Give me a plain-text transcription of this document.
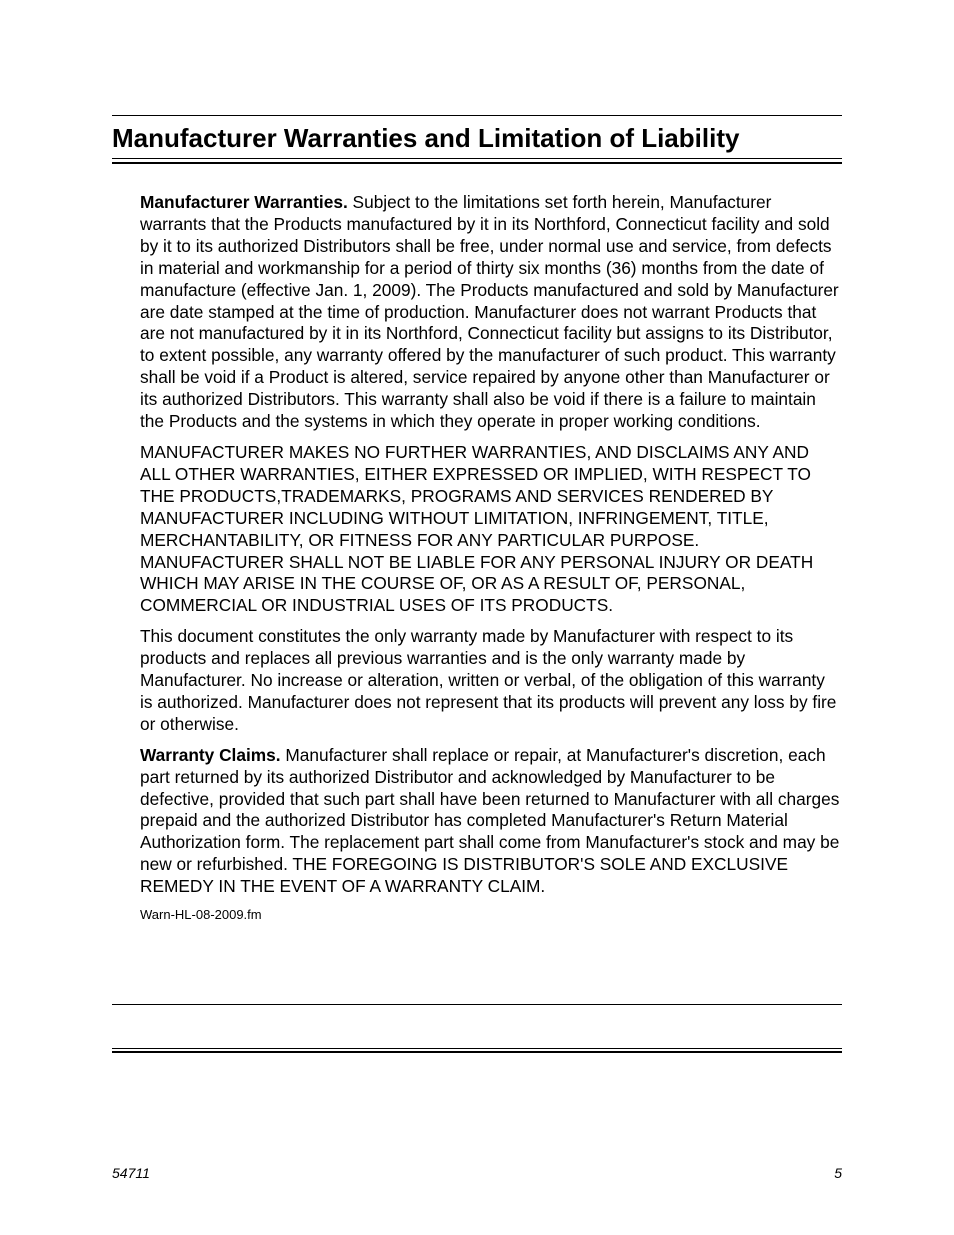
Manufacturer Warranties and Limitation of Liability

Manufacturer Warranties. Subject to the limitations set forth herein, Manufacturer warrants that the Products manufactured by it in its Northford, Connecticut facility and sold by it to its authorized Distributors shall be free, under normal use and service, from defects in material and workmanship for a period of thirty six months (36) months from the date of manufacture (effective Jan. 1, 2009). The Products manufactured and sold by Manufacturer are date stamped at the time of production. Manufacturer does not warrant Products that are not manufactured by it in its Northford, Connecticut facility but assigns to its Distributor, to extent possible, any warranty offered by the manufacturer of such product. This warranty shall be void if a Product is altered, service repaired by anyone other than Manufacturer or its authorized Distributors. This warranty shall also be void if there is a failure to maintain the Products and the systems in which they operate in proper working conditions.

MANUFACTURER MAKES NO FURTHER WARRANTIES, AND DISCLAIMS ANY AND ALL OTHER WARRANTIES, EITHER EXPRESSED OR IMPLIED, WITH RESPECT TO THE PRODUCTS,TRADEMARKS, PROGRAMS AND SERVICES RENDERED BY MANUFACTURER INCLUDING WITHOUT LIMITATION, INFRINGEMENT, TITLE, MERCHANTABILITY, OR FITNESS FOR ANY PARTICULAR PURPOSE. MANUFACTURER SHALL NOT BE LIABLE FOR ANY PERSONAL INJURY OR DEATH WHICH MAY ARISE IN THE COURSE OF, OR AS A RESULT OF, PERSONAL, COMMERCIAL OR INDUSTRIAL USES OF ITS PRODUCTS.

This document constitutes the only warranty made by Manufacturer with respect to its products and replaces all previous warranties and is the only warranty made by Manufacturer. No increase or alteration, written or verbal, of the obligation of this warranty is authorized. Manufacturer does not represent that its products will prevent any loss by fire or otherwise.

Warranty Claims. Manufacturer shall replace or repair, at Manufacturer's discretion, each part returned by its authorized Distributor and acknowledged by Manufacturer to be defective, provided that such part shall have been returned to Manufacturer with all charges prepaid and the authorized Distributor has completed Manufacturer's Return Material Authorization form. The replacement part shall come from Manufacturer's stock and may be new or refurbished. THE FOREGOING IS DISTRIBUTOR'S SOLE AND EXCLUSIVE REMEDY IN THE EVENT OF A WARRANTY CLAIM.

Warn-HL-08-2009.fm

54711	5
